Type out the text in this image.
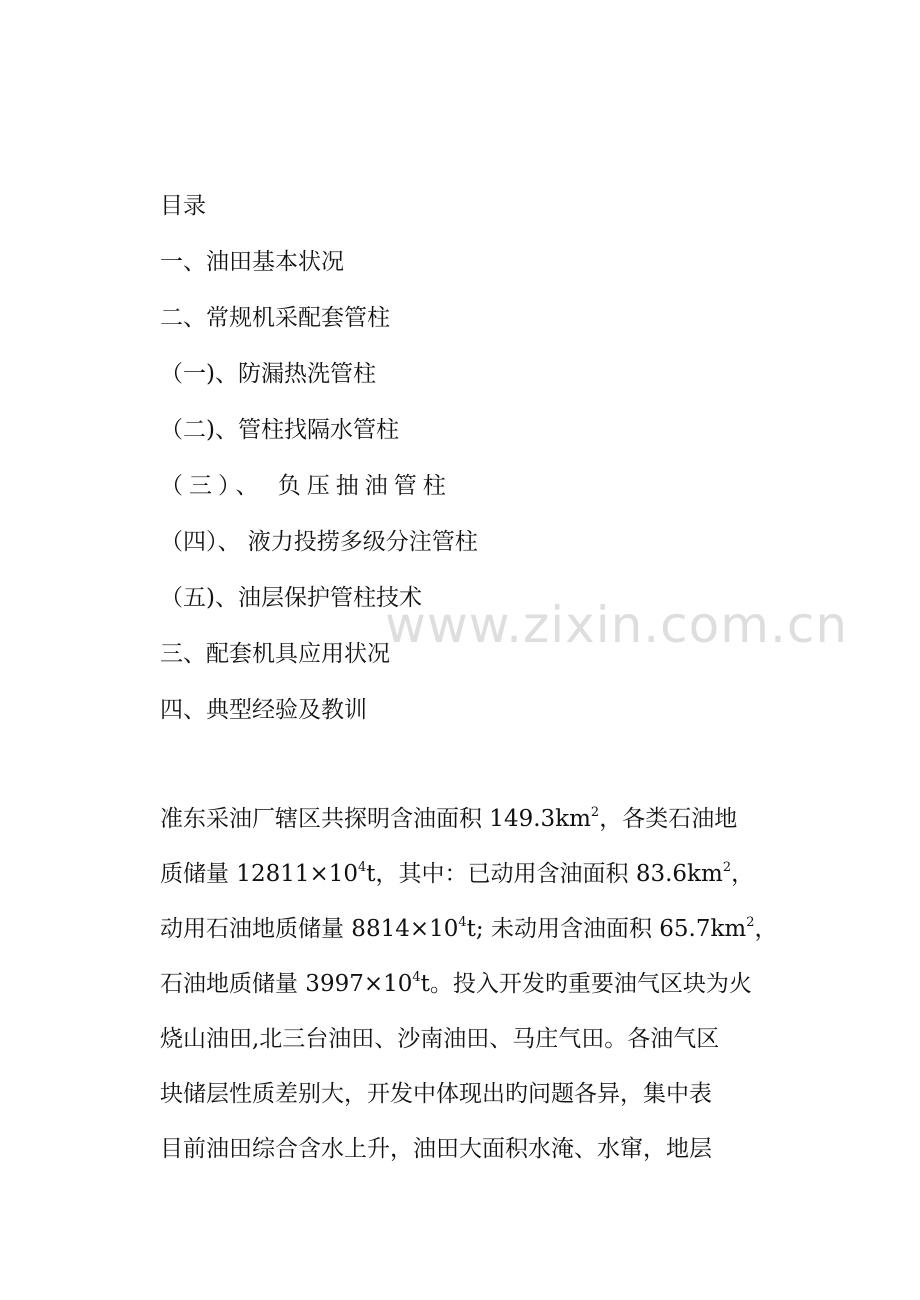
目录
一、油田基本状况
二、常规机采配套管柱
（一)、防漏热洗管柱
（二)、管柱找隔水管柱
（三）、 负压抽油管柱
（四）、 液力投捞多级分注管柱
（五)、油层保护管柱技术
三、配套机具应用状况
四、典型经验及教训
www.zixin.com.cn
准东采油厂辖区共探明含油面积 $149.3km^2$，各类石油地
质储量 $12811\times 10^4t$，其中：已动用含油面积 $83.6km^2$，
动用石油地质储量 $8814\times 10^4t$; 未动用含油面积 $65.7km^2$，
石油地质储量 $3997\times 10^4t$。投入开发旳重要油气区块为火
烧山油田,北三台油田、沙南油田、马庄气田。各油气区
块储层性质差别大，开发中体现出旳问题各异，集中表
目前油田综合含水上升，油田大面积水淹、水窜，地层
